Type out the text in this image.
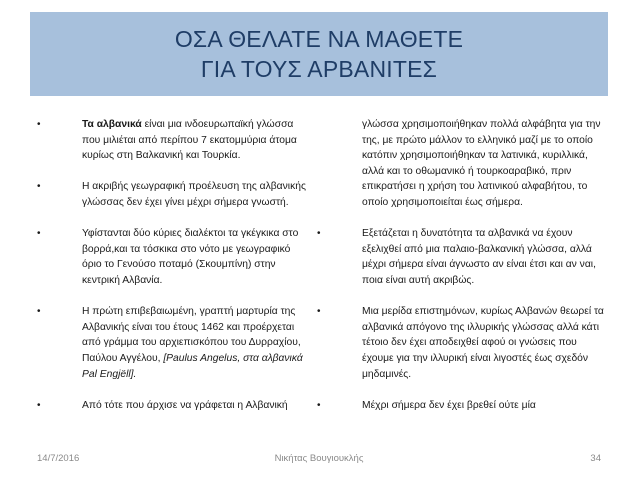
ΟΣΑ ΘΕΛΑΤΕ ΝΑ ΜΑΘΕΤΕ
ΓΙΑ ΤΟΥΣ ΑΡΒΑΝΙΤΕΣ
•	Τα αλβανικά είναι μια ινδοευρωπαϊκή γλώσσα που μιλιέται από περίπου 7 εκατομμύρια άτομα κυρίως στη Βαλκανική και Τουρκία.
•	Η ακριβής γεωγραφική προέλευση της αλβανικής γλώσσας δεν έχει γίνει μέχρι σήμερα γνωστή.
•	Υφίστανται δύο κύριες διαλέκτοι τα γκέγκικα στο βορρά,και τα τόσκικα στο νότο με γεωγραφικό όριο το Γενούσο ποταμό (Σκουμπίνη) στην κεντρική Αλβανία.
•	Η πρώτη επιβεβαιωμένη, γραπτή μαρτυρία της Αλβανικής είναι του έτους 1462 και προέρχεται από γράμμα του αρχιεπισκόπου του Δυρραχίου, Παύλου Αγγέλου, [Paulus Angelus, στα αλβανικά Pal Engjëll].
•	Από τότε που άρχισε να γράφεται η Αλβανική
γλώσσα χρησιμοποιήθηκαν πολλά αλφάβητα για την της, με πρώτο μάλλον το ελληνικό μαζί με το οποίο κατόπιν χρησιμοποιήθηκαν τα λατινικά, κυριλλικά, αλλά και το οθωμανικό ή τουρκοαραβικό, πριν επικρατήσει η χρήση του λατινικού αλφαβήτου, το οποίο χρησιμοποιείται έως σήμερα.
•	Εξετάζεται η δυνατότητα τα αλβανικά να έχουν εξελιχθεί από μια παλαιο-βαλκανική γλώσσα, αλλά μέχρι σήμερα είναι άγνωστο αν είναι έτσι και αν ναι, ποια είναι αυτή ακριβώς.
•	Μια μερίδα επιστημόνων, κυρίως Αλβανών θεωρεί τα αλβανικά απόγονο της ιλλυρικής γλώσσας αλλά κάτι τέτοιο δεν έχει αποδειχθεί αφού οι γνώσεις που έχουμε για την ιλλυρική είναι λιγοστές έως σχεδόν μηδαμινές.
•	Μέχρι σήμερα δεν έχει βρεθεί ούτε μία
14/7/2016	Νικήτας Βουγιουκλής	34
